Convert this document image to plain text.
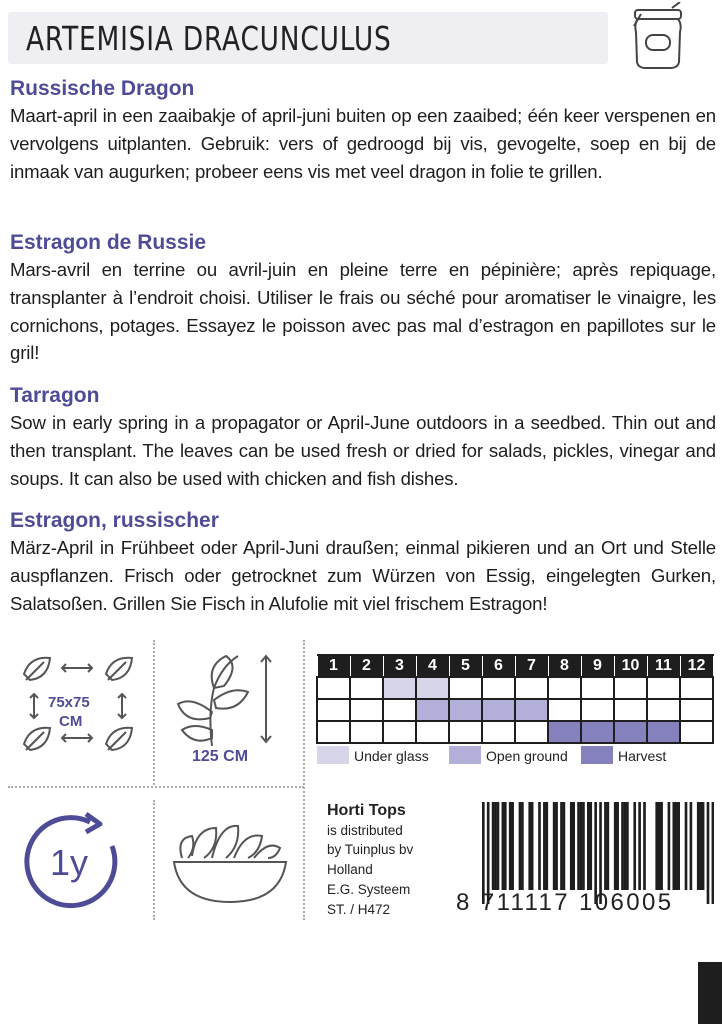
ARTEMISIA DRACUNCULUS
Russische Dragon

Maart-april in een zaaibakje of april-juni buiten op een zaaibed; één keer verspenen en vervolgens uitplanten. Gebruik: vers of gedroogd bij vis, gevogelte, soep en bij de inmaak van augurken; probeer eens vis met veel dragon in folie te grillen.

Estragon de Russie

Mars-avril en terrine ou avril-juin en pleine terre en pépinière; après repiquage, transplanter à l’endroit choisi. Utiliser le frais ou séché pour aromatiser le vinaigre, les cornichons, potages. Essayez le poisson avec pas mal d’estragon en papillotes sur le gril!

Tarragon

Sow in early spring in a propagator or April-June outdoors in a seedbed. Thin out and then transplant. The leaves can be used fresh or dried for salads, pickles, vinegar and soups. It can also be used with chicken and fish dishes.

Estragon, russischer

März-April in Frühbeet oder April-Juni draußen; einmal pikieren und an Ort und Stelle auspflanzen. Frisch oder getrocknet zum Würzen von Essig, eingelegten Gurken, Salatsoßen. Grillen Sie Fisch in Alufolie mit viel frischem Estragon!

75x75
CM
125 CM
1y
1	2	3	4	5	6	7	8	9	10	11	12

Under glass	Open ground	Harvest
Horti Tops
is distributed
by Tuinplus bv
Holland
E.G. Systeem
ST. / H472	8 711117 106005
